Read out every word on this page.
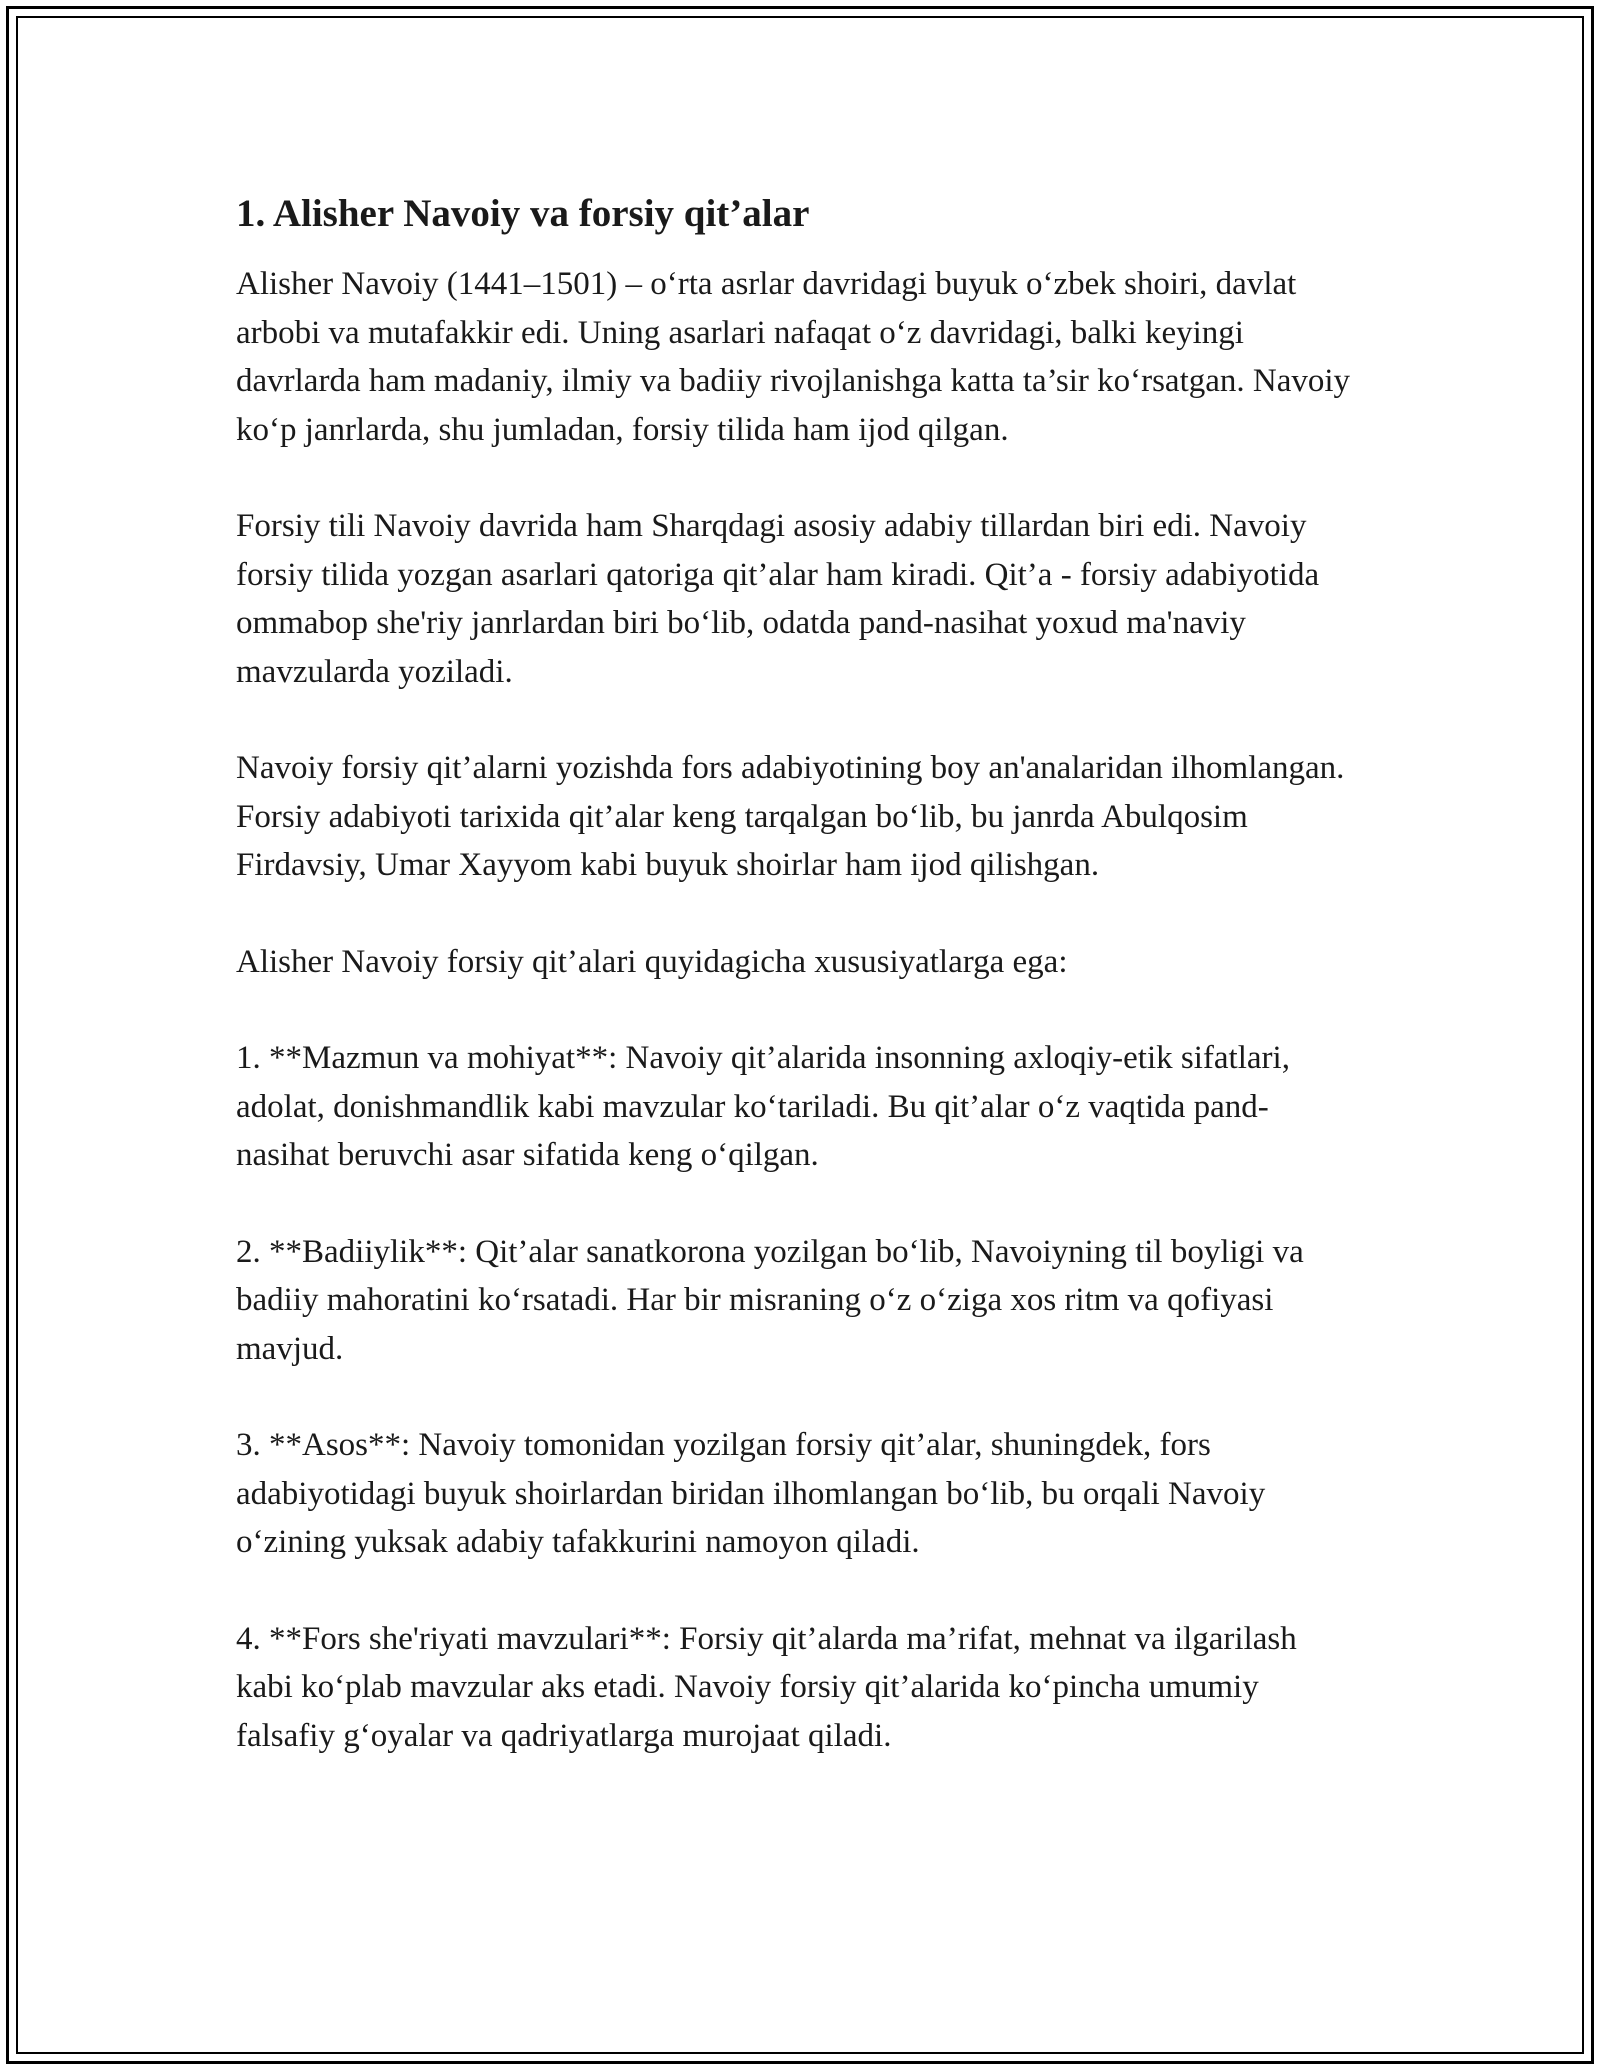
1. Alisher Navoiy va forsiy qit’alar

Alisher Navoiy (1441–1501) – o‘rta asrlar davridagi buyuk o‘zbek shoiri, davlat arbobi va mutafakkir edi. Uning asarlari nafaqat o‘z davridagi, balki keyingi davrlarda ham madaniy, ilmiy va badiiy rivojlanishga katta ta’sir ko‘rsatgan. Navoiy ko‘p janrlarda, shu jumladan, forsiy tilida ham ijod qilgan.

Forsiy tili Navoiy davrida ham Sharqdagi asosiy adabiy tillardan biri edi. Navoiy forsiy tilida yozgan asarlari qatoriga qit’alar ham kiradi. Qit’a - forsiy adabiyotida ommabop she'riy janrlardan biri bo‘lib, odatda pand-nasihat yoxud ma'naviy mavzularda yoziladi.

Navoiy forsiy qit’alarni yozishda fors adabiyotining boy an'analaridan ilhomlangan. Forsiy adabiyoti tarixida qit’alar keng tarqalgan bo‘lib, bu janrda Abulqosim Firdavsiy, Umar Xayyom kabi buyuk shoirlar ham ijod qilishgan.

Alisher Navoiy forsiy qit’alari quyidagicha xususiyatlarga ega:

1. **Mazmun va mohiyat**: Navoiy qit’alarida insonning axloqiy-etik sifatlari, adolat, donishmandlik kabi mavzular ko‘tariladi. Bu qit’alar o‘z vaqtida pand-nasihat beruvchi asar sifatida keng o‘qilgan.

2. **Badiiylik**: Qit’alar sanatkorona yozilgan bo‘lib, Navoiyning til boyligi va badiiy mahoratini ko‘rsatadi. Har bir misraning o‘z o‘ziga xos ritm va qofiyasi mavjud.

3. **Asos**: Navoiy tomonidan yozilgan forsiy qit’alar, shuningdek, fors adabiyotidagi buyuk shoirlardan biridan ilhomlangan bo‘lib, bu orqali Navoiy o‘zining yuksak adabiy tafakkurini namoyon qiladi.

4. **Fors she'riyati mavzulari**: Forsiy qit’alarda ma’rifat, mehnat va ilgarilash kabi ko‘plab mavzular aks etadi. Navoiy forsiy qit’alarida ko‘pincha umumiy falsafiy g‘oyalar va qadriyatlarga murojaat qiladi.
